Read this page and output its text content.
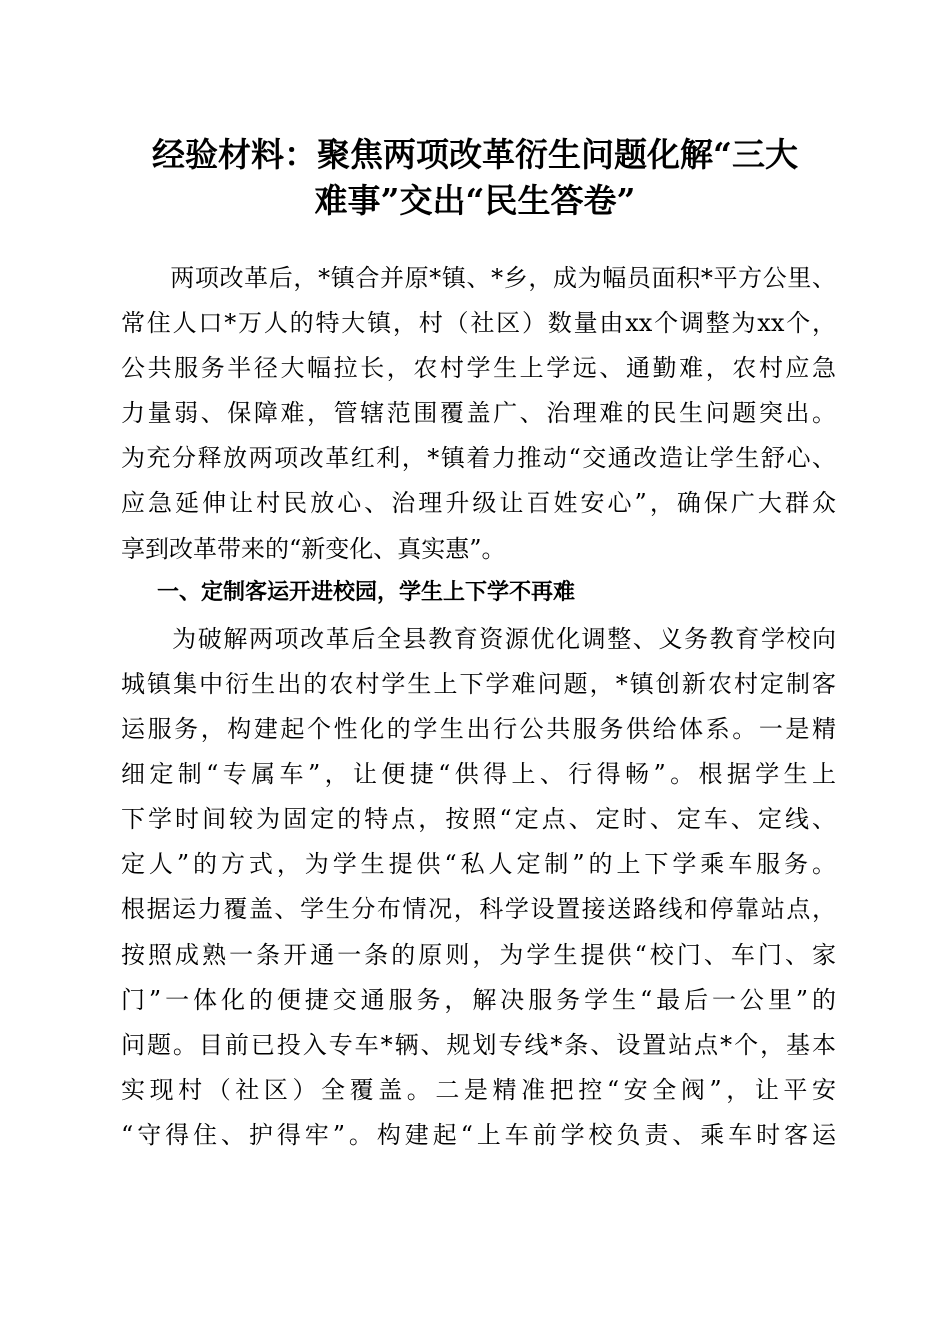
经验材料：聚焦两项改革衍生问题化解“三大
难事”交出“民生答卷”
　　两项改革后，*镇合并原*镇、*乡，成为幅员面积*平方公里、
常住人口*万人的特大镇，村（社区）数量由xx个调整为xx个，
公共服务半径大幅拉长，农村学生上学远、通勤难，农村应急
力量弱、保障难，管辖范围覆盖广、治理难的民生问题突出。
为充分释放两项改革红利，*镇着力推动“交通改造让学生舒心、
应急延伸让村民放心、治理升级让百姓安心”，确保广大群众
享到改革带来的“新变化、真实惠”。
一、定制客运开进校园，学生上下学不再难
　　为破解两项改革后全县教育资源优化调整、义务教育学校向
城镇集中衍生出的农村学生上下学难问题，*镇创新农村定制客
运服务，构建起个性化的学生出行公共服务供给体系。一是精
细定制“专属车”，让便捷“供得上、行得畅”。根据学生上
下学时间较为固定的特点，按照“定点、定时、定车、定线、
定人”的方式，为学生提供“私人定制”的上下学乘车服务。
根据运力覆盖、学生分布情况，科学设置接送路线和停靠站点，
按照成熟一条开通一条的原则，为学生提供“校门、车门、家
门”一体化的便捷交通服务，解决服务学生“最后一公里”的
问题。目前已投入专车*辆、规划专线*条、设置站点*个，基本
实现村（社区）全覆盖。二是精准把控“安全阀”，让平安
“守得住、护得牢”。构建起“上车前学校负责、乘车时客运
